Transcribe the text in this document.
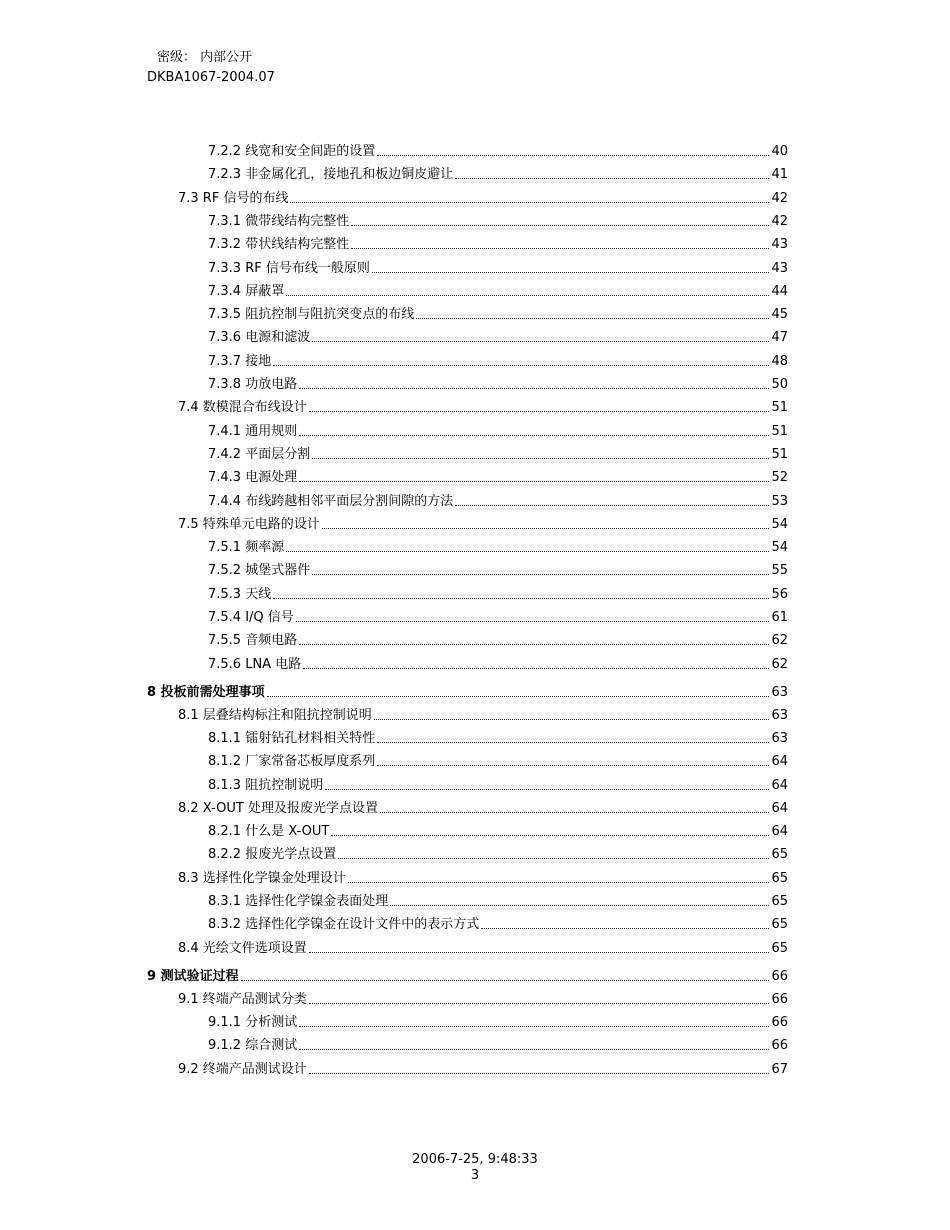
密级： 内部公开
DKBA1067-2004.07
7.2.2 线宽和安全间距的设置	40
7.2.3 非金属化孔，接地孔和板边铜皮避让	41
7.3 RF 信号的布线	42
7.3.1 微带线结构完整性	42
7.3.2 带状线结构完整性	43
7.3.3 RF 信号布线一般原则	43
7.3.4 屏蔽罩	44
7.3.5 阻抗控制与阻抗突变点的布线	45
7.3.6 电源和滤波	47
7.3.7 接地	48
7.3.8 功放电路	50
7.4 数模混合布线设计	51
7.4.1 通用规则	51
7.4.2 平面层分割	51
7.4.3 电源处理	52
7.4.4 布线跨越相邻平面层分割间隙的方法	53
7.5 特殊单元电路的设计	54
7.5.1 频率源	54
7.5.2 城堡式器件	55
7.5.3 天线	56
7.5.4 I/Q 信号	61
7.5.5 音频电路	62
7.5.6 LNA 电路	62
8 投板前需处理事项	63
8.1 层叠结构标注和阻抗控制说明	63
8.1.1 镭射钻孔材料相关特性	63
8.1.2 厂家常备芯板厚度系列	64
8.1.3 阻抗控制说明	64
8.2 X-OUT 处理及报废光学点设置	64
8.2.1 什么是 X-OUT	64
8.2.2 报废光学点设置	65
8.3 选择性化学镍金处理设计	65
8.3.1 选择性化学镍金表面处理	65
8.3.2 选择性化学镍金在设计文件中的表示方式	65
8.4 光绘文件选项设置	65
9 测试验证过程	66
9.1 终端产品测试分类	66
9.1.1 分析测试	66
9.1.2 综合测试	66
9.2 终端产品测试设计	67
2006-7-25, 9:48:33
3
